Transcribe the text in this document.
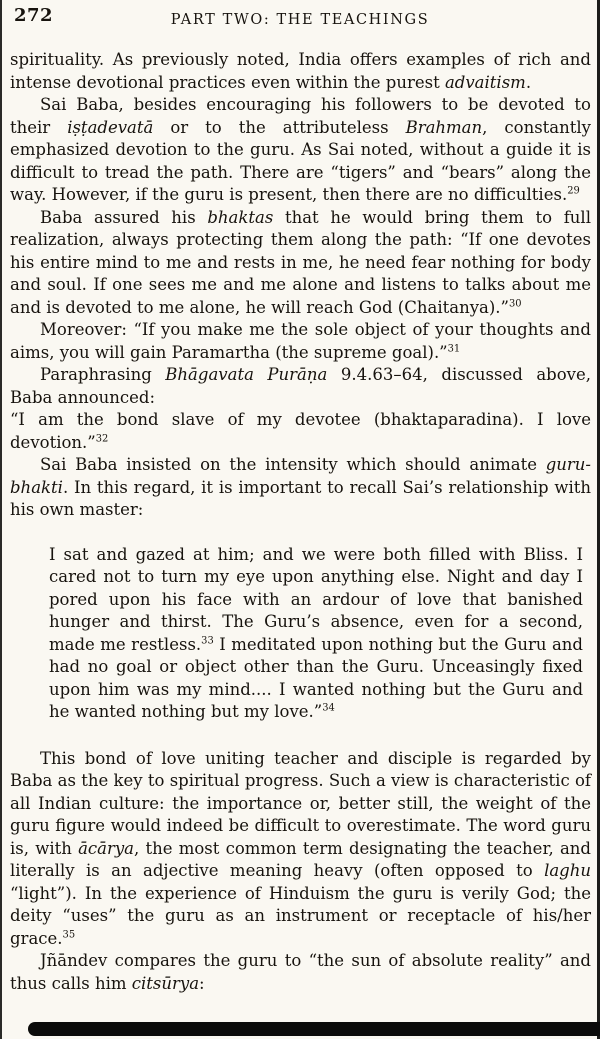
272	PART TWO: THE TEACHINGS

spirituality. As previously noted, India offers examples of rich and intense devotional practices even within the purest advaitism.

Sai Baba, besides encouraging his followers to be devoted to their iṣṭadevatā or to the attributeless Brahman, constantly emphasized devotion to the guru. As Sai noted, without a guide it is difficult to tread the path. There are “tigers” and “bears” along the way. However, if the guru is present, then there are no difficulties.$^{29}$

Baba assured his bhaktas that he would bring them to full realization, always protecting them along the path: “If one devotes his entire mind to me and rests in me, he need fear nothing for body and soul. If one sees me and me alone and listens to talks about me and is devoted to me alone, he will reach God (Chaitanya).”$^{30}$

Moreover: “If you make me the sole object of your thoughts and aims, you will gain Paramartha (the supreme goal).”$^{31}$

Paraphrasing Bhāgavata Purāṇa 9.4.63–64, discussed above, Baba announced:

“I am the bond slave of my devotee (bhaktaparadina). I love devotion.”$^{32}$

Sai Baba insisted on the intensity which should animate guru-bhakti. In this regard, it is important to recall Sai’s relationship with his own master:

I sat and gazed at him; and we were both filled with Bliss. I cared not to turn my eye upon anything else. Night and day I pored upon his face with an ardour of love that banished hunger and thirst. The Guru’s absence, even for a second, made me restless.$^{33}$ I meditated upon nothing but the Guru and had no goal or object other than the Guru. Unceasingly fixed upon him was my mind.... I wanted nothing but the Guru and he wanted nothing but my love.”$^{34}$

This bond of love uniting teacher and disciple is regarded by Baba as the key to spiritual progress. Such a view is characteristic of all Indian culture: the importance or, better still, the weight of the guru figure would indeed be difficult to overestimate. The word guru is, with ācārya, the most common term designating the teacher, and literally is an adjective meaning heavy (often opposed to laghu “light”). In the experience of Hinduism the guru is verily God; the deity “uses” the guru as an instrument or receptacle of his/her grace.$^{35}$

Jñāndev compares the guru to “the sun of absolute reality” and thus calls him citsūrya:
